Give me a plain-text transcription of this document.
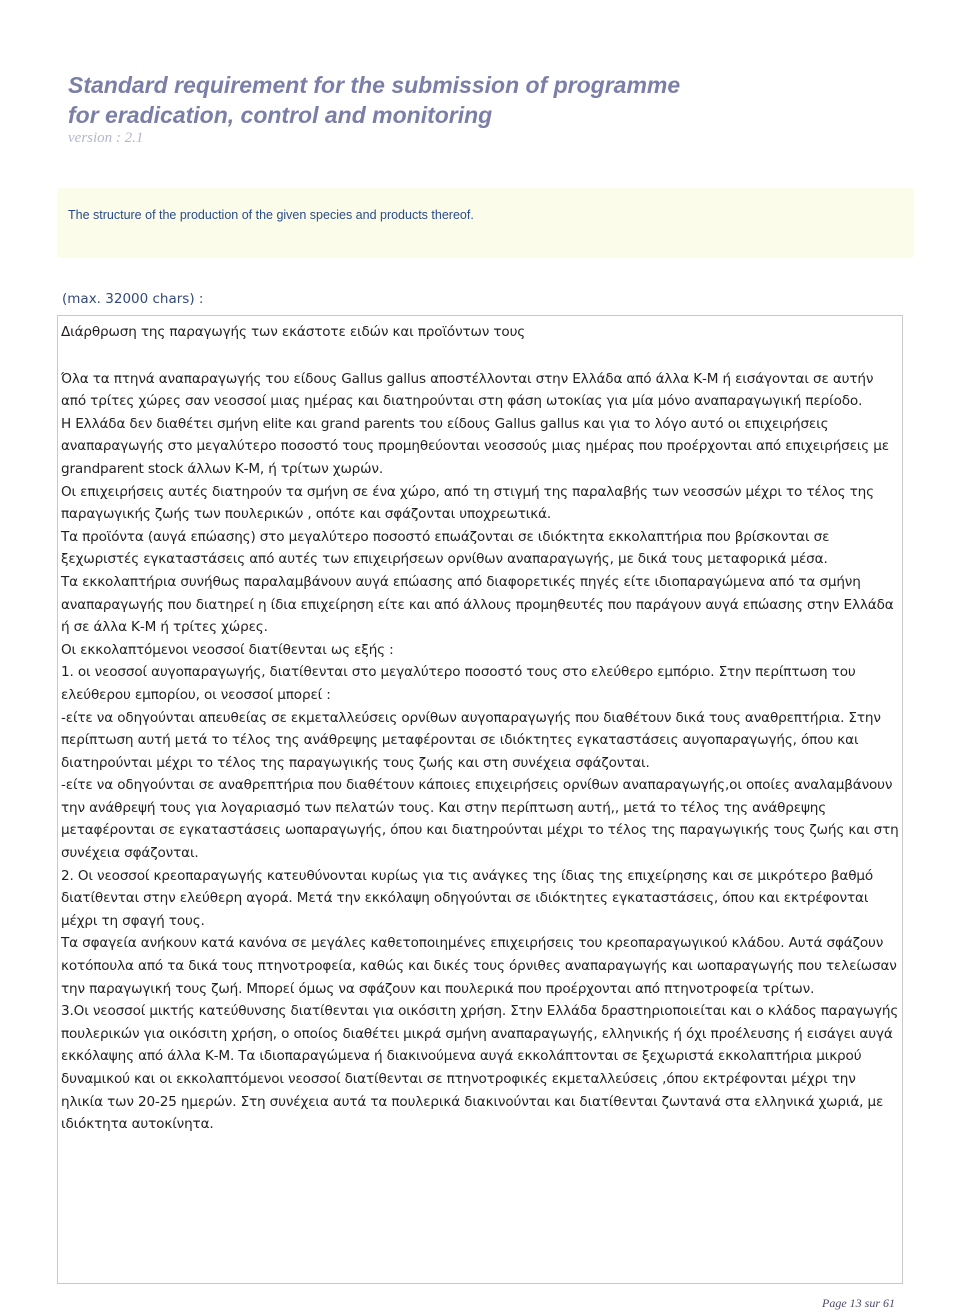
Standard requirement for the submission of programme
for eradication, control and monitoring
version : 2.1
The structure of the production of the given species and products thereof.
(max. 32000 chars) :

Διάρθρωση της παραγωγής των εκάστοτε ειδών και προϊόντων τους

Όλα τα πτηνά αναπαραγωγής του είδους Gallus gallus αποστέλλονται στην Ελλάδα από άλλα Κ-Μ ή εισάγονται σε αυτήν από τρίτες χώρες σαν νεοσσοί μιας ημέρας και διατηρούνται στη φάση ωτοκίας για μία μόνο αναπαραγωγική περίοδο.

Η Ελλάδα δεν διαθέτει σμήνη elite και grand parents του είδους Gallus gallus και για το λόγο αυτό οι επιχειρήσεις αναπαραγωγής στο μεγαλύτερο ποσοστό τους προμηθεύονται νεοσσούς μιας ημέρας που προέρχονται από επιχειρήσεις με grandparent stock άλλων Κ-Μ, ή τρίτων χωρών.

Οι επιχειρήσεις αυτές διατηρούν τα σμήνη σε ένα χώρο, από τη στιγμή της παραλαβής των νεοσσών μέχρι το τέλος της παραγωγικής ζωής των πουλερικών , οπότε και σφάζονται υποχρεωτικά.

Τα προϊόντα (αυγά επώασης) στο μεγαλύτερο ποσοστό επωάζονται σε ιδιόκτητα εκκολαπτήρια που βρίσκονται σε ξεχωριστές εγκαταστάσεις από αυτές των επιχειρήσεων ορνίθων αναπαραγωγής, με δικά τους μεταφορικά μέσα.

Τα εκκολαπτήρια συνήθως παραλαμβάνουν αυγά επώασης από διαφορετικές πηγές είτε ιδιοπαραγώμενα από τα σμήνη αναπαραγωγής που διατηρεί η ίδια επιχείρηση είτε και από άλλους προμηθευτές που παράγουν αυγά επώασης στην Ελλάδα ή σε άλλα Κ-Μ ή τρίτες χώρες.

Οι εκκολαπτόμενοι νεοσσοί διατίθενται ως εξής :

1. οι νεοσσοί αυγοπαραγωγής, διατίθενται στο μεγαλύτερο ποσοστό τους στο ελεύθερο εμπόριο. Στην περίπτωση του ελεύθερου εμπορίου, οι νεοσσοί μπορεί :

-είτε να οδηγούνται απευθείας σε εκμεταλλεύσεις ορνίθων αυγοπαραγωγής που διαθέτουν δικά τους αναθρεπτήρια. Στην περίπτωση αυτή μετά το τέλος της ανάθρεψης μεταφέρονται σε ιδιόκτητες εγκαταστάσεις αυγοπαραγωγής, όπου και διατηρούνται μέχρι το τέλος της παραγωγικής τους ζωής και στη συνέχεια σφάζονται.

-είτε να οδηγούνται σε αναθρεπτήρια που διαθέτουν κάποιες επιχειρήσεις ορνίθων αναπαραγωγής,οι οποίες αναλαμβάνουν την ανάθρεψή τους για λογαριασμό των πελατών τους. Και στην περίπτωση αυτή,, μετά το τέλος της ανάθρεψης μεταφέρονται σε εγκαταστάσεις ωοπαραγωγής, όπου και διατηρούνται μέχρι το τέλος της παραγωγικής τους ζωής και στη συνέχεια σφάζονται.

2. Οι νεοσσοί κρεοπαραγωγής κατευθύνονται κυρίως για τις ανάγκες της ίδιας της επιχείρησης και σε μικρότερο βαθμό διατίθενται στην ελεύθερη αγορά. Μετά την εκκόλαψη οδηγούνται σε ιδιόκτητες εγκαταστάσεις, όπου και εκτρέφονται μέχρι τη σφαγή τους.

Τα σφαγεία ανήκουν κατά κανόνα σε μεγάλες καθετοποιημένες επιχειρήσεις του κρεοπαραγωγικού κλάδου. Αυτά σφάζουν κοτόπουλα από τα δικά τους πτηνοτροφεία, καθώς και δικές τους όρνιθες αναπαραγωγής και ωοπαραγωγής που τελείωσαν την παραγωγική τους ζωή. Μπορεί όμως να σφάζουν και πουλερικά που προέρχονται από πτηνοτροφεία τρίτων.

3.Οι νεοσσοί μικτής κατεύθυνσης διατίθενται για οικόσιτη χρήση. Στην Ελλάδα δραστηριοποιείται και ο κλάδος παραγωγής πουλερικών για οικόσιτη χρήση, ο οποίος διαθέτει μικρά σμήνη αναπαραγωγής, ελληνικής ή όχι προέλευσης ή εισάγει αυγά εκκόλαψης από άλλα Κ-Μ. Τα ιδιοπαραγώμενα ή διακινούμενα αυγά εκκολάπτονται σε ξεχωριστά εκκολαπτήρια μικρού δυναμικού και οι εκκολαπτόμενοι νεοσσοί διατίθενται σε πτηνοτροφικές εκμεταλλεύσεις ,όπου εκτρέφονται μέχρι την ηλικία των 20-25 ημερών. Στη συνέχεια αυτά τα πουλερικά διακινούνται και διατίθενται ζωντανά στα ελληνικά χωριά, με ιδιόκτητα αυτοκίνητα.

Page 13 sur 61
